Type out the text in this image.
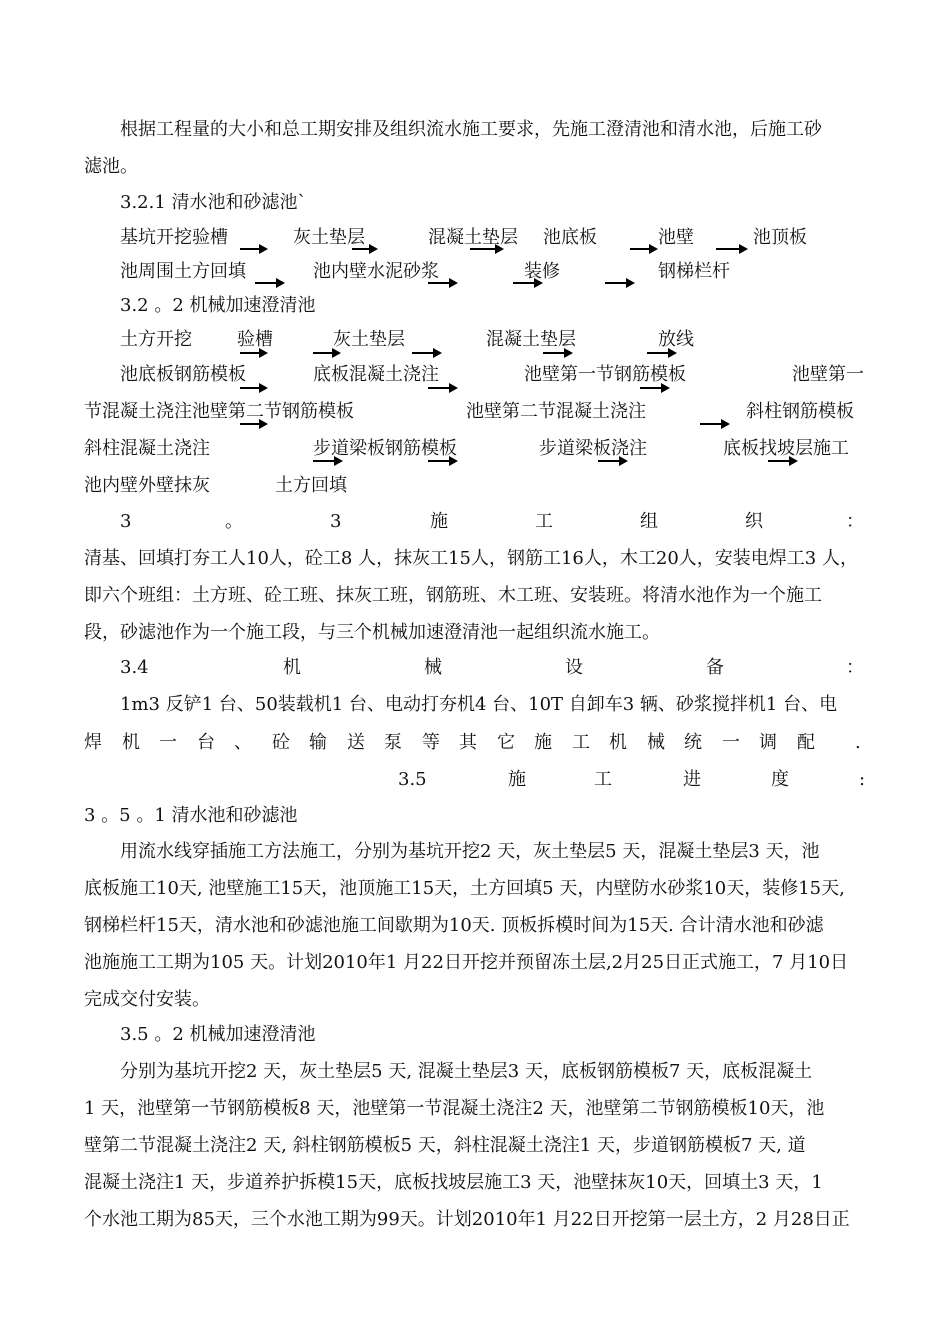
根据工程量的大小和总工期安排及组织流水施工要求，先施工澄清池和清水池，后施工砂
滤池。
3.2.1 清水池和砂滤池`
基坑开挖验槽	灰土垫层	混凝土垫层 池底板	池壁	池顶板
池周围土方回填	池内壁水泥砂浆	装修	钢梯栏杆
3.2 。2 机械加速澄清池
土方开挖	验槽	灰土垫层	混凝土垫层	放线
池底板钢筋模板	底板混凝土浇注	池壁第一节钢筋模板	池壁第一
节混凝土浇注池壁第二节钢筋模板	池壁第二节混凝土浇注	斜柱钢筋模板
斜柱混凝土浇注	步道梁板钢筋模板	步道梁板浇注	底板找坡层施工
池内壁外壁抹灰	土方回填
3	。	3	施	工	组	织	：
清基、回填打夯工人10人，砼工8 人，抹灰工15人，钢筋工16人，木工20人，安装电焊工3 人，
即六个班组：土方班、砼工班、抹灰工班，钢筋班、木工班、安装班。将清水池作为一个施工
段，砂滤池作为一个施工段，与三个机械加速澄清池一起组织流水施工。
3.4	机	械	设	备	：
1m3 反铲1 台、50装载机1 台、电动打夯机4 台、10T 自卸车3 辆、砂浆搅拌机1 台、电
焊 机 一 台 、 砼 输 送 泵 等 其 它 施 工 机 械 统 一 调 配 .
3.5	施	工	进	度	:
3 。5 。1 清水池和砂滤池
用流水线穿插施工方法施工，分别为基坑开挖2 天，灰土垫层5 天，混凝土垫层3 天，池
底板施工10天, 池壁施工15天，池顶施工15天，土方回填5 天，内壁防水砂浆10天，装修15天,
钢梯栏杆15天，清水池和砂滤池施工间歇期为10天. 顶板拆模时间为15天. 合计清水池和砂滤
池施施工工期为105 天。计划2010年1 月22日开挖并预留冻土层,2月25日正式施工，7 月10日
完成交付安装。
3.5 。2 机械加速澄清池
分别为基坑开挖2 天，灰土垫层5 天, 混凝土垫层3 天，底板钢筋模板7 天，底板混凝土
1 天，池壁第一节钢筋模板8 天，池壁第一节混凝土浇注2 天，池壁第二节钢筋模板10天，池
壁第二节混凝土浇注2 天, 斜柱钢筋模板5 天，斜柱混凝土浇注1 天，步道钢筋模板7 天, 道
混凝土浇注1 天，步道养护拆模15天，底板找坡层施工3 天，池壁抹灰10天，回填土3 天，1
个水池工期为85天，三个水池工期为99天。计划2010年1 月22日开挖第一层土方，2 月28日正
